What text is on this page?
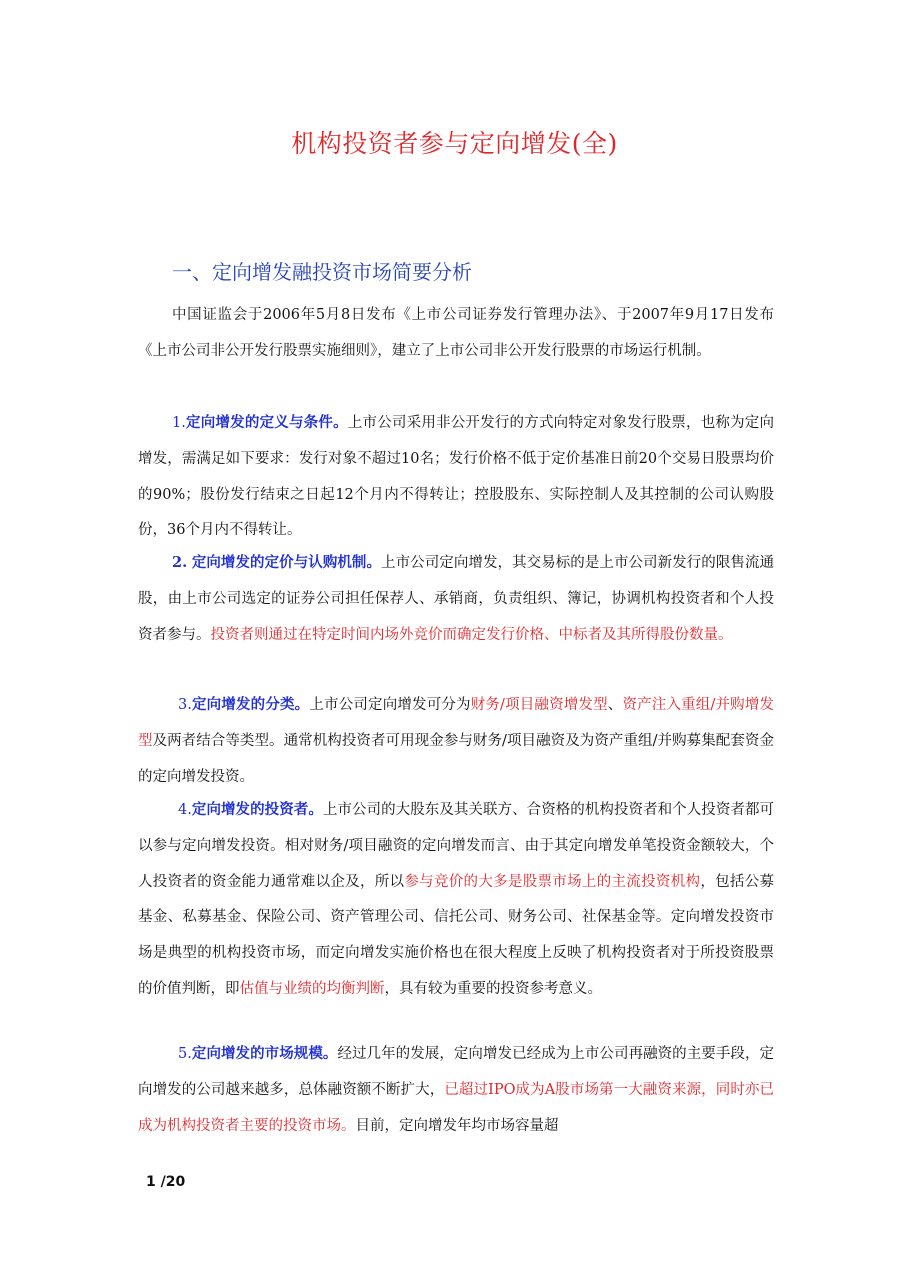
机构投资者参与定向增发(全)
一、定向增发融投资市场简要分析
中国证监会于2006年5月8日发布《上市公司证券发行管理办法》、于2007年9月17日发布《上市公司非公开发行股票实施细则》，建立了上市公司非公开发行股票的市场运行机制。
1.定向增发的定义与条件。上市公司采用非公开发行的方式向特定对象发行股票，也称为定向增发，需满足如下要求：发行对象不超过10名；发行价格不低于定价基准日前20个交易日股票均价的90%；股份发行结束之日起12个月内不得转让；控股股东、实际控制人及其控制的公司认购股份，36个月内不得转让。
2. 定向增发的定价与认购机制。上市公司定向增发，其交易标的是上市公司新发行的限售流通股，由上市公司选定的证券公司担任保荐人、承销商，负责组织、簿记，协调机构投资者和个人投资者参与。投资者则通过在特定时间内场外竞价而确定发行价格、中标者及其所得股份数量。
3.定向增发的分类。上市公司定向增发可分为财务/项目融资增发型、资产注入重组/并购增发型及两者结合等类型。通常机构投资者可用现金参与财务/项目融资及为资产重组/并购募集配套资金的定向增发投资。
4.定向增发的投资者。上市公司的大股东及其关联方、合资格的机构投资者和个人投资者都可以参与定向增发投资。相对财务/项目融资的定向增发而言、由于其定向增发单笔投资金额较大，个人投资者的资金能力通常难以企及，所以参与竞价的大多是股票市场上的主流投资机构，包括公募基金、私募基金、保险公司、资产管理公司、信托公司、财务公司、社保基金等。定向增发投资市场是典型的机构投资市场，而定向增发实施价格也在很大程度上反映了机构投资者对于所投资股票的价值判断，即估值与业绩的均衡判断，具有较为重要的投资参考意义。
5.定向增发的市场规模。经过几年的发展，定向增发已经成为上市公司再融资的主要手段，定向增发的公司越来越多，总体融资额不断扩大，已超过IPO成为A股市场第一大融资来源，同时亦已成为机构投资者主要的投资市场。目前，定向增发年均市场容量超
1 /20
